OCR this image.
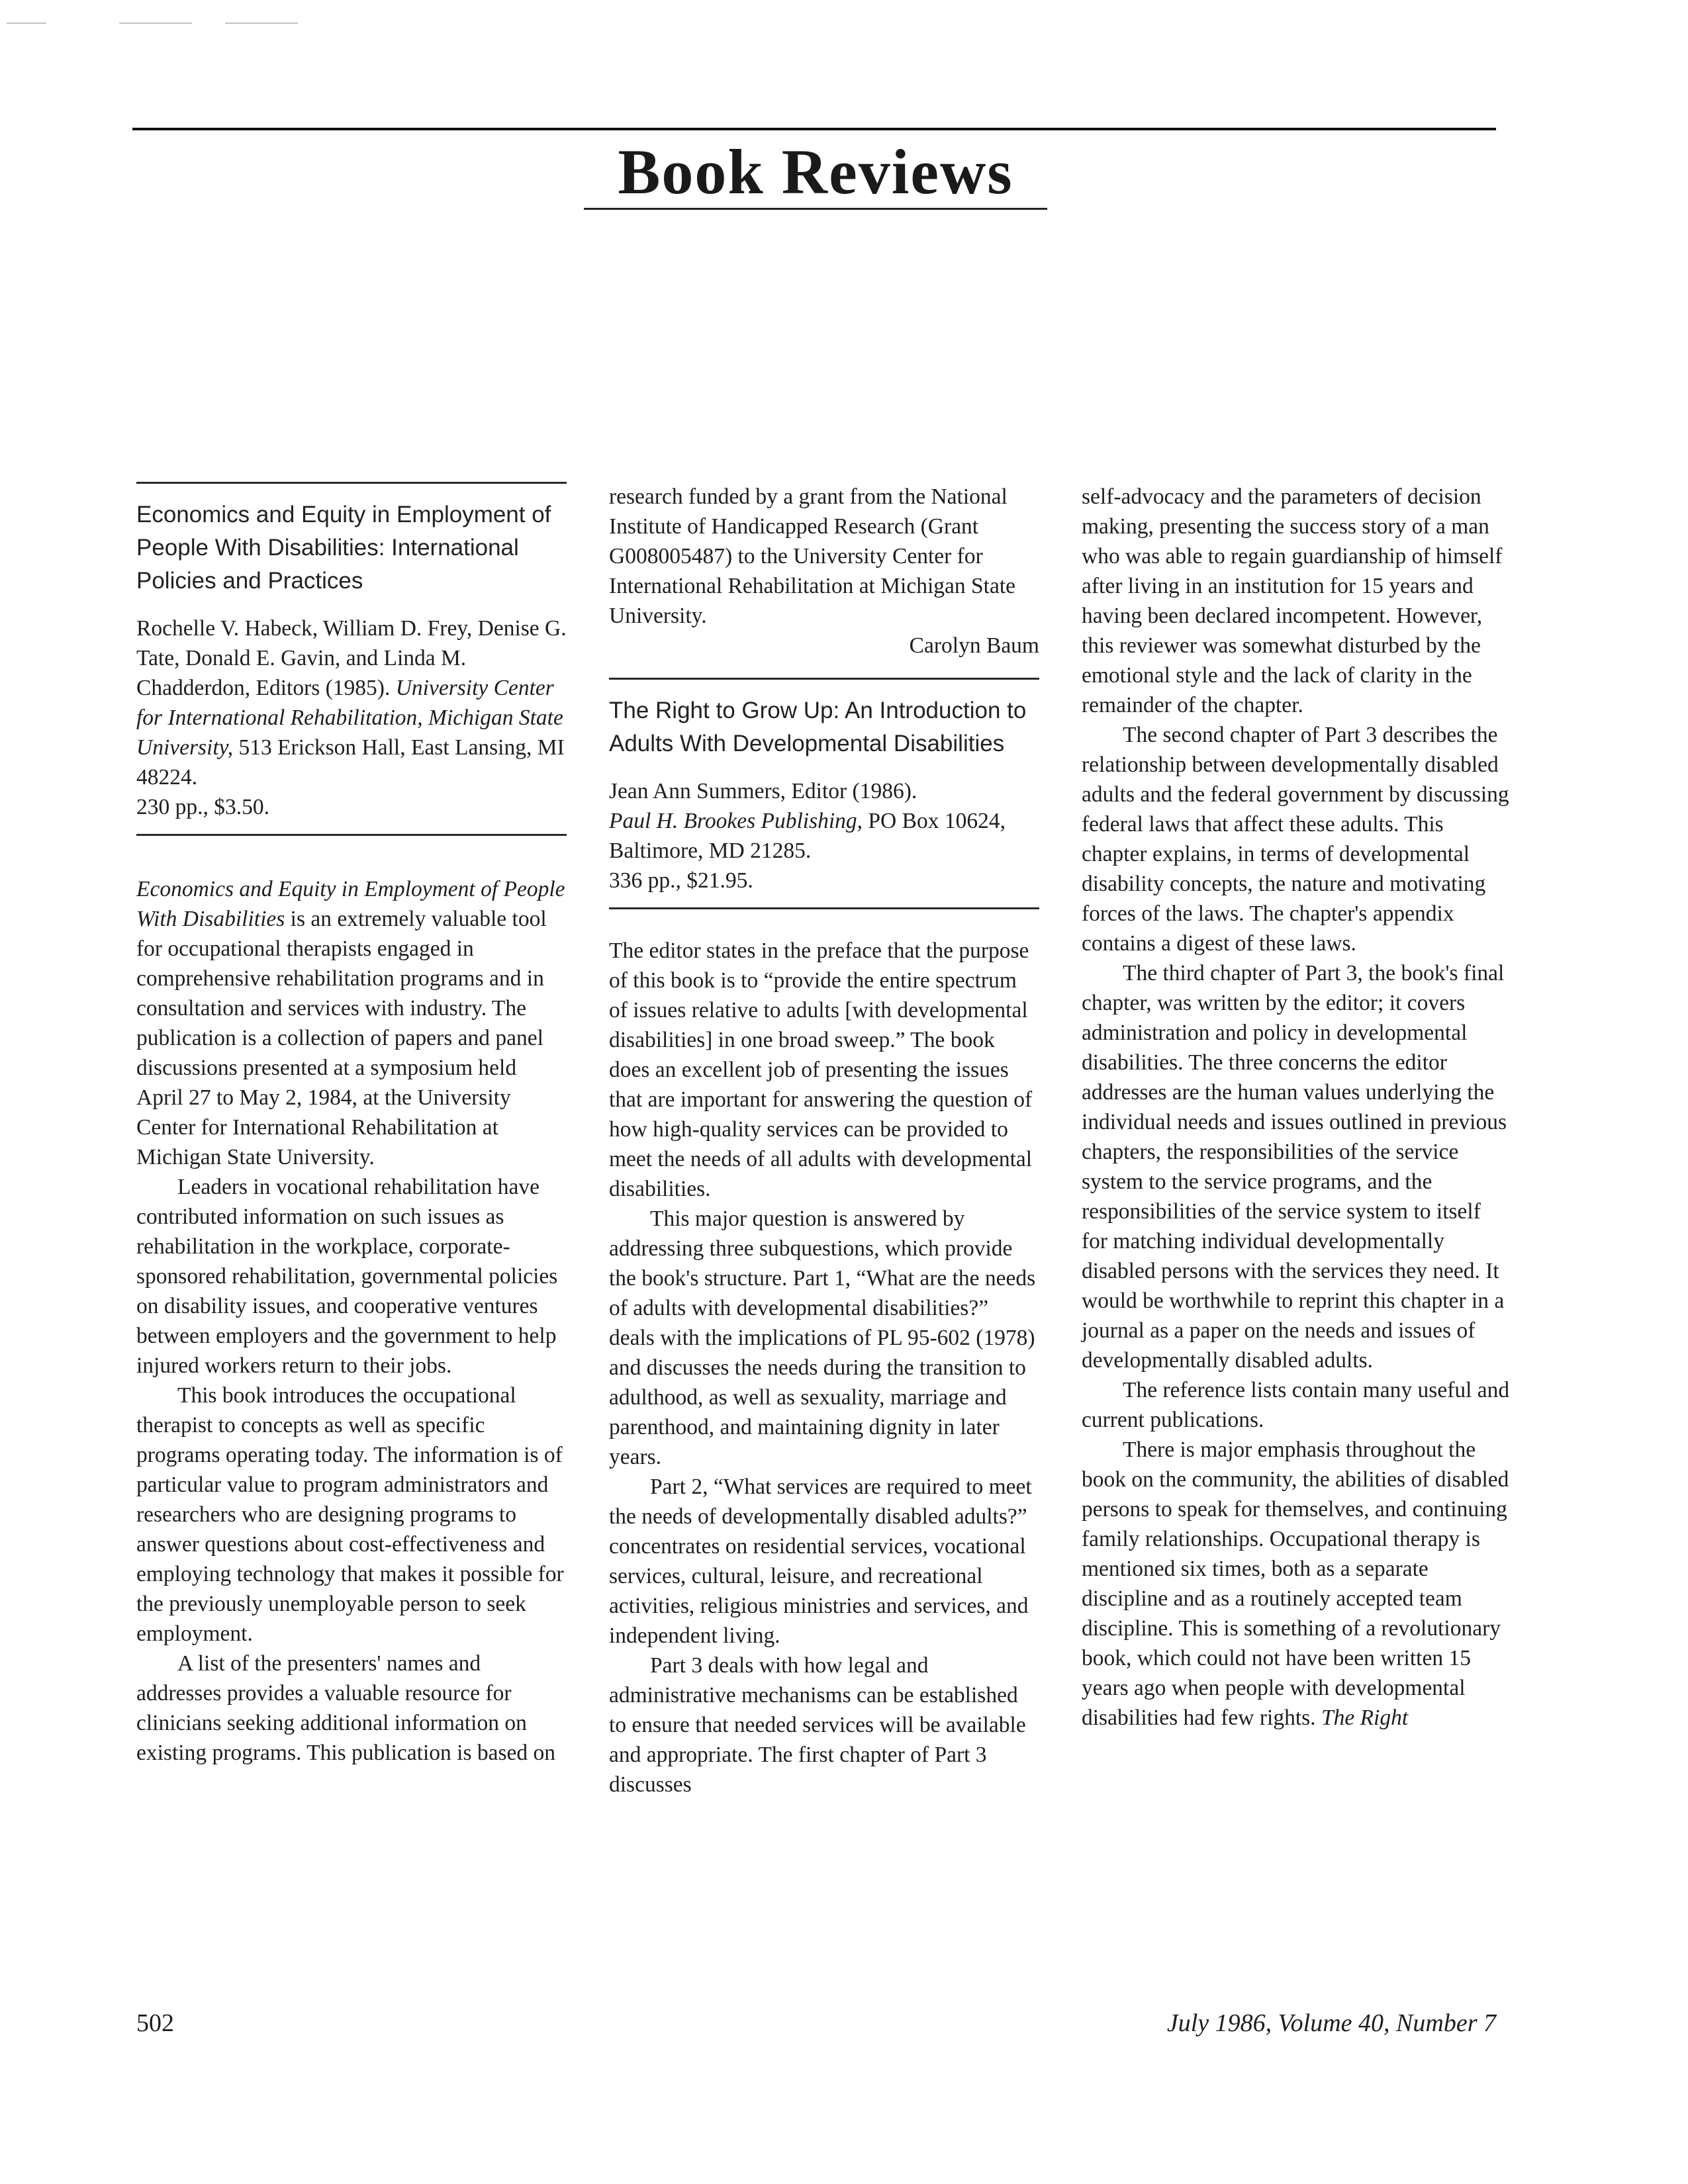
Book Reviews
Economics and Equity in Employment of People With Disabilities: International Policies and Practices
Rochelle V. Habeck, William D. Frey, Denise G. Tate, Donald E. Gavin, and Linda M. Chadderdon, Editors (1985). University Center for International Rehabilitation, Michigan State University, 513 Erickson Hall, East Lansing, MI 48224.
230 pp., $3.50.

Economics and Equity in Employment of People With Disabilities is an extremely valuable tool for occupational therapists engaged in comprehensive rehabilitation programs and in consultation and services with industry. The publication is a collection of papers and panel discussions presented at a symposium held April 27 to May 2, 1984, at the University Center for International Rehabilitation at Michigan State University.

Leaders in vocational rehabilitation have contributed information on such issues as rehabilitation in the workplace, corporate-sponsored rehabilitation, governmental policies on disability issues, and cooperative ventures between employers and the government to help injured workers return to their jobs.

This book introduces the occupational therapist to concepts as well as specific programs operating today. The information is of particular value to program administrators and researchers who are designing programs to answer questions about cost-effectiveness and employing technology that makes it possible for the previously unemployable person to seek employment.

A list of the presenters' names and addresses provides a valuable resource for clinicians seeking additional information on existing programs. This publication is based on

research funded by a grant from the National Institute of Handicapped Research (Grant G008005487) to the University Center for International Rehabilitation at Michigan State University.

Carolyn Baum
The Right to Grow Up: An Introduction to Adults With Developmental Disabilities
Jean Ann Summers, Editor (1986).
Paul H. Brookes Publishing, PO Box 10624, Baltimore, MD 21285.
336 pp., $21.95.

The editor states in the preface that the purpose of this book is to “provide the entire spectrum of issues relative to adults [with developmental disabilities] in one broad sweep.” The book does an excellent job of presenting the issues that are important for answering the question of how high-quality services can be provided to meet the needs of all adults with developmental disabilities.

This major question is answered by addressing three subquestions, which provide the book's structure. Part 1, “What are the needs of adults with developmental disabilities?” deals with the implications of PL 95-602 (1978) and discusses the needs during the transition to adulthood, as well as sexuality, marriage and parenthood, and maintaining dignity in later years.

Part 2, “What services are required to meet the needs of developmentally disabled adults?” concentrates on residential services, vocational services, cultural, leisure, and recreational activities, religious ministries and services, and independent living.

Part 3 deals with how legal and administrative mechanisms can be established to ensure that needed services will be available and appropriate. The first chapter of Part 3 discusses

self-advocacy and the parameters of decision making, presenting the success story of a man who was able to regain guardianship of himself after living in an institution for 15 years and having been declared incompetent. However, this reviewer was somewhat disturbed by the emotional style and the lack of clarity in the remainder of the chapter.

The second chapter of Part 3 describes the relationship between developmentally disabled adults and the federal government by discussing federal laws that affect these adults. This chapter explains, in terms of developmental disability concepts, the nature and motivating forces of the laws. The chapter's appendix contains a digest of these laws.

The third chapter of Part 3, the book's final chapter, was written by the editor; it covers administration and policy in developmental disabilities. The three concerns the editor addresses are the human values underlying the individual needs and issues outlined in previous chapters, the responsibilities of the service system to the service programs, and the responsibilities of the service system to itself for matching individual developmentally disabled persons with the services they need. It would be worthwhile to reprint this chapter in a journal as a paper on the needs and issues of developmentally disabled adults.

The reference lists contain many useful and current publications.

There is major emphasis throughout the book on the community, the abilities of disabled persons to speak for themselves, and continuing family relationships. Occupational therapy is mentioned six times, both as a separate discipline and as a routinely accepted team discipline. This is something of a revolutionary book, which could not have been written 15 years ago when people with developmental disabilities had few rights. The Right

502	July 1986, Volume 40, Number 7
